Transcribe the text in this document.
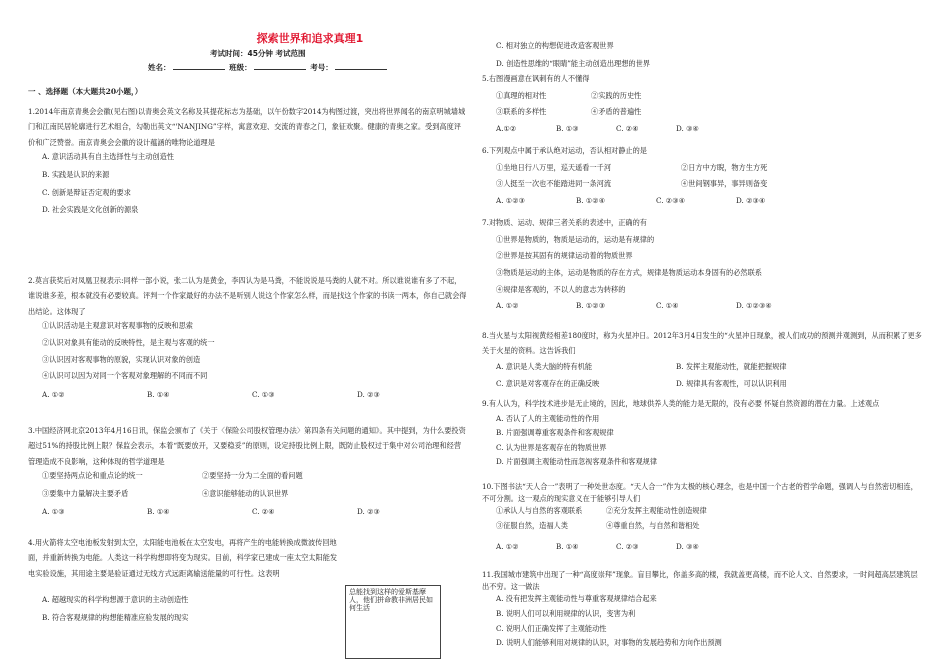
探索世界和追求真理1
考试时间：45分钟 考试范围
姓名：	班级：	考号：
一 、选择题（本大题共20小题，）

1.2014年南京青奥会会徽(见右图)以青奥会英文名称及其提花标志为基础，以午份数字2014为构图过渡，突出将世界闻名的南京明城墙城门和江南民居轮廓进行艺术组合，勾勒出英文“'NANJING”字样，寓意欢迎、交流的青春之门，象征欢聚。健康的青奥之家。受到高度评价和广泛赞誉。南京青奥会会徽的设计蕴涵的唯物论道理是

A. 意识活动具有自主选择性与主动创造性
B. 实践是认识的来源
C. 创新是辩证否定观的要求
D. 社会实践是文化创新的源泉

2.莫言获奖后对凤凰卫视表示:同样一部小说，张二认为是黄金，李四认为是马粪，不能说说是马粪的人就不对。所以谁说谁有多了不起，谁说谁多差，根本就没有必要较真。评判一个作家最好的办法不是听别人说这个作家怎么样，而是找这个作家的书读一两本，你自己就会得出结论。这体现了

①认识活动是主观意识对客观事物的反映和思索
②认识对象具有能动的反映特性，是主观与客观的统一
③认识因对客观事物的原貌，实现认识对象的创造
④认识可以因为对同一个客观对象理解的不同而不同
A. ①②	B. ①④	C. ①③	D. ②③

3.中国经济网北京2013年4月16日讯，保监会颁布了《关于〈保险公司股权管理办法〉第四条有关问题的通知》。其中提到，为什么要投资超过51%的持股比例上限？保监会表示，本着“既要放开，又要稳妥”的原则，设定持股比例上限，既防止股权过于集中对公司治理和经营管理造成不良影响，这种体现的哲学道理是

①要坚持两点论和重点论的统一	②要坚持一分为二全面的看问题
③要集中力量解决主要矛盾	④意识能够能动的认识世界
A. ①③	B. ①④	C. ②④	D. ②③

4.用火箭将太空电池板发射到太空，太阳能电池板在太空发电，再将产生的电能转换成微波传回地面，并重新转换为电能。人类这一科学构想即将变为现实。目前，科学家已建成一座太空太阳能发电实验设施，其用途主要是验证通过无线方式远距离输送能量的可行性。这表明

A. 超越现实的科学构想源于意识的主动创造性
B. 符合客观规律的构想能精准应验发展的现实
总能找到这样的爱斯基摩人，他们拼命教非洲居民如何生活
C. 相对独立的构想促进改造客观世界
D. 创造性思维的“眼睛”能主动创造出理想的世界

5.右图漫画意在讽刺有的人不懂得

①真理的相对性	②实践的历史性
③联系的多样性	④矛盾的普遍性
A.①②	B. ①③	C. ②④	D. ③④

6.下列观点中属于承认绝对运动，否认相对静止的是

①坐地日行八万里，巡天遥看一千河	②日方中方睨，物方生方死
③人挺至一次也不能踏进同一条河流	④世间钢事异，事异则备变
A. ①②③	B. ①②④	C. ②③④	D. ②③④

7.对物质、运动、规律三者关系的表述中，正确的有

①世界是物质的，物质是运动的，运动是有规律的
②世界是按其固有的规律运动着的物质世界
③物质是运动的主体，运动是物质的存在方式，规律是物质运动本身固有的必然联系
④规律是客观的，不以人的意志为转移的
A. ①②	B. ①②③	C. ①④	D. ①②③④

8.当火星与太阳视黄经相差180度时，称为火星冲日。2012年3月4日发生的“火星冲日现象，被人们成功的预测并观测到，从而积累了更多关于火星的资料。这告诉我们

A. 意识是人类大脑的特有机能	B. 发挥主观能动性，就能把握规律
C. 意识是对客观存在的正确反映	D. 规律具有客观性，可以认识利用

9.有人认为，科学技术进步是无止境的，因此，地球供养人类的能力是无限的，没有必要 怀疑自然资源的潜在力量。上述观点

A. 否认了人的主观能动性的作用
B. 片面强调尊重客观条件和客观规律
C. 认为世界是客观存在的物质世界
D. 片面强调主观能动性而忽视客观条件和客观规律

10.下图书法“天人合一”表明了一种处世态度。“天人合一”作为太极的核心理念，也是中国一个古老的哲学命题，强调人与自然密切相连，不可分割。这一观点的现实意义在于能够引导人们

①承认人与自然的客观联系	②充分发挥主观能动性创造规律
③征服自然，造福人类	④尊重自然，与自然和谐相处
A. ①②	B. ①④	C. ②③	D. ③④

11.我国城市建筑中出现了一种“高度崇拜”现象。盲目攀比，你盖多高的楼，我就盖更高楼，而不论人文、自然要求，一时间超高层建筑层出不穷。这一做法

A. 没有把发挥主观能动性与尊重客观规律结合起来
B. 说明人们可以利用规律的认识，变害为利
C. 说明人们正确发挥了主观能动性
D. 说明人们能够利用对规律的认识，对事物的发展趋势和方向作出预测
